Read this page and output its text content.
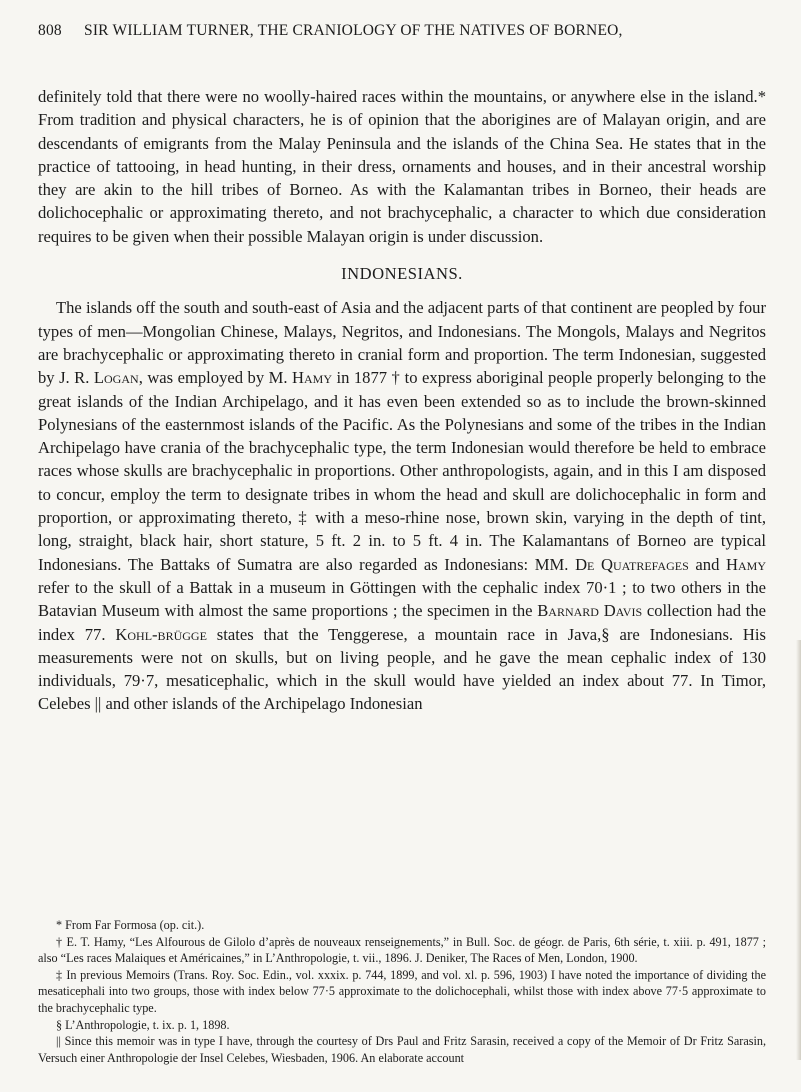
808 SIR WILLIAM TURNER, THE CRANIOLOGY OF THE NATIVES OF BORNEO,

definitely told that there were no woolly-haired races within the mountains, or anywhere else in the island.* From tradition and physical characters, he is of opinion that the aborigines are of Malayan origin, and are descendants of emigrants from the Malay Peninsula and the islands of the China Sea. He states that in the practice of tattooing, in head hunting, in their dress, ornaments and houses, and in their ancestral worship they are akin to the hill tribes of Borneo. As with the Kalamantan tribes in Borneo, their heads are dolichocephalic or approximating thereto, and not brachycephalic, a character to which due consideration requires to be given when their possible Malayan origin is under discussion.

INDONESIANS.

The islands off the south and south-east of Asia and the adjacent parts of that continent are peopled by four types of men—Mongolian Chinese, Malays, Negritos, and Indonesians. The Mongols, Malays and Negritos are brachycephalic or approximating thereto in cranial form and proportion. The term Indonesian, suggested by J. R. Logan, was employed by M. Hamy in 1877 † to express aboriginal people properly belonging to the great islands of the Indian Archipelago, and it has even been extended so as to include the brown-skinned Polynesians of the easternmost islands of the Pacific. As the Polynesians and some of the tribes in the Indian Archipelago have crania of the brachycephalic type, the term Indonesian would therefore be held to embrace races whose skulls are brachycephalic in proportions. Other anthropologists, again, and in this I am disposed to concur, employ the term to designate tribes in whom the head and skull are dolichocephalic in form and proportion, or approximating thereto, ‡ with a meso-rhine nose, brown skin, varying in the depth of tint, long, straight, black hair, short stature, 5 ft. 2 in. to 5 ft. 4 in. The Kalamantans of Borneo are typical Indonesians. The Battaks of Sumatra are also regarded as Indonesians: MM. De Quatrefages and Hamy refer to the skull of a Battak in a museum in Göttingen with the cephalic index 70·1 ; to two others in the Batavian Museum with almost the same proportions ; the specimen in the Barnard Davis collection had the index 77. Kohl-brügge states that the Tenggerese, a mountain race in Java,§ are Indonesians. His measurements were not on skulls, but on living people, and he gave the mean cephalic index of 130 individuals, 79·7, mesaticephalic, which in the skull would have yielded an index about 77. In Timor, Celebes || and other islands of the Archipelago Indonesian

* From Far Formosa (op. cit.).

† E. T. Hamy, “Les Alfourous de Gilolo d’après de nouveaux renseignements,” in Bull. Soc. de géogr. de Paris, 6th série, t. xiii. p. 491, 1877 ; also “Les races Malaiques et Américaines,” in L’Anthropologie, t. vii., 1896. J. Deniker, The Races of Men, London, 1900.

‡ In previous Memoirs (Trans. Roy. Soc. Edin., vol. xxxix. p. 744, 1899, and vol. xl. p. 596, 1903) I have noted the importance of dividing the mesaticephali into two groups, those with index below 77·5 approximate to the dolichocephali, whilst those with index above 77·5 approximate to the brachycephalic type.

§ L’Anthropologie, t. ix. p. 1, 1898.

|| Since this memoir was in type I have, through the courtesy of Drs Paul and Fritz Sarasin, received a copy of the Memoir of Dr Fritz Sarasin, Versuch einer Anthropologie der Insel Celebes, Wiesbaden, 1906. An elaborate account
